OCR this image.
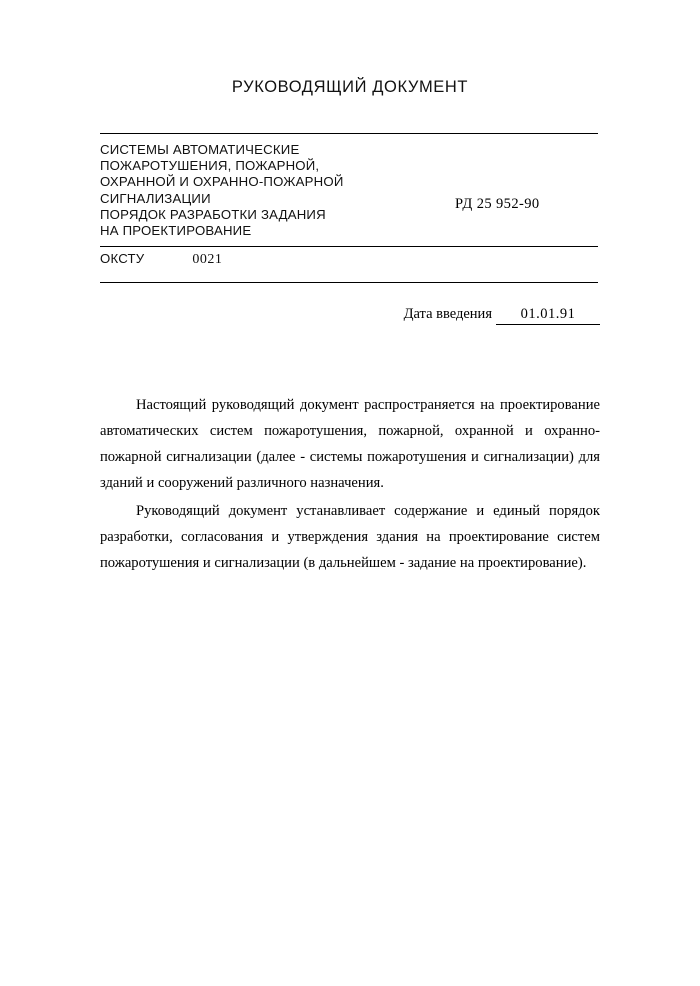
РУКОВОДЯЩИЙ ДОКУМЕНТ
СИСТЕМЫ АВТОМАТИЧЕСКИЕ
ПОЖАРОТУШЕНИЯ, ПОЖАРНОЙ,
ОХРАННОЙ И ОХРАННО-ПОЖАРНОЙ
СИГНАЛИЗАЦИИ
ПОРЯДОК РАЗРАБОТКИ ЗАДАНИЯ
НА ПРОЕКТИРОВАНИЕ
РД 25 952-90
ОКСТУ	0021
Дата введения 01.01.91

Настоящий руководящий документ распространяется на проектирование автоматических систем пожаротушения, пожарной, охранной и охранно-пожарной сигнализации (далее - системы пожаротушения и сигнализации) для зданий и сооружений различного назначения.

Руководящий документ устанавливает содержание и единый порядок разработки, согласования и утверждения здания на проектирование систем пожаротушения и сигнализации (в дальнейшем - задание на проектирование).
